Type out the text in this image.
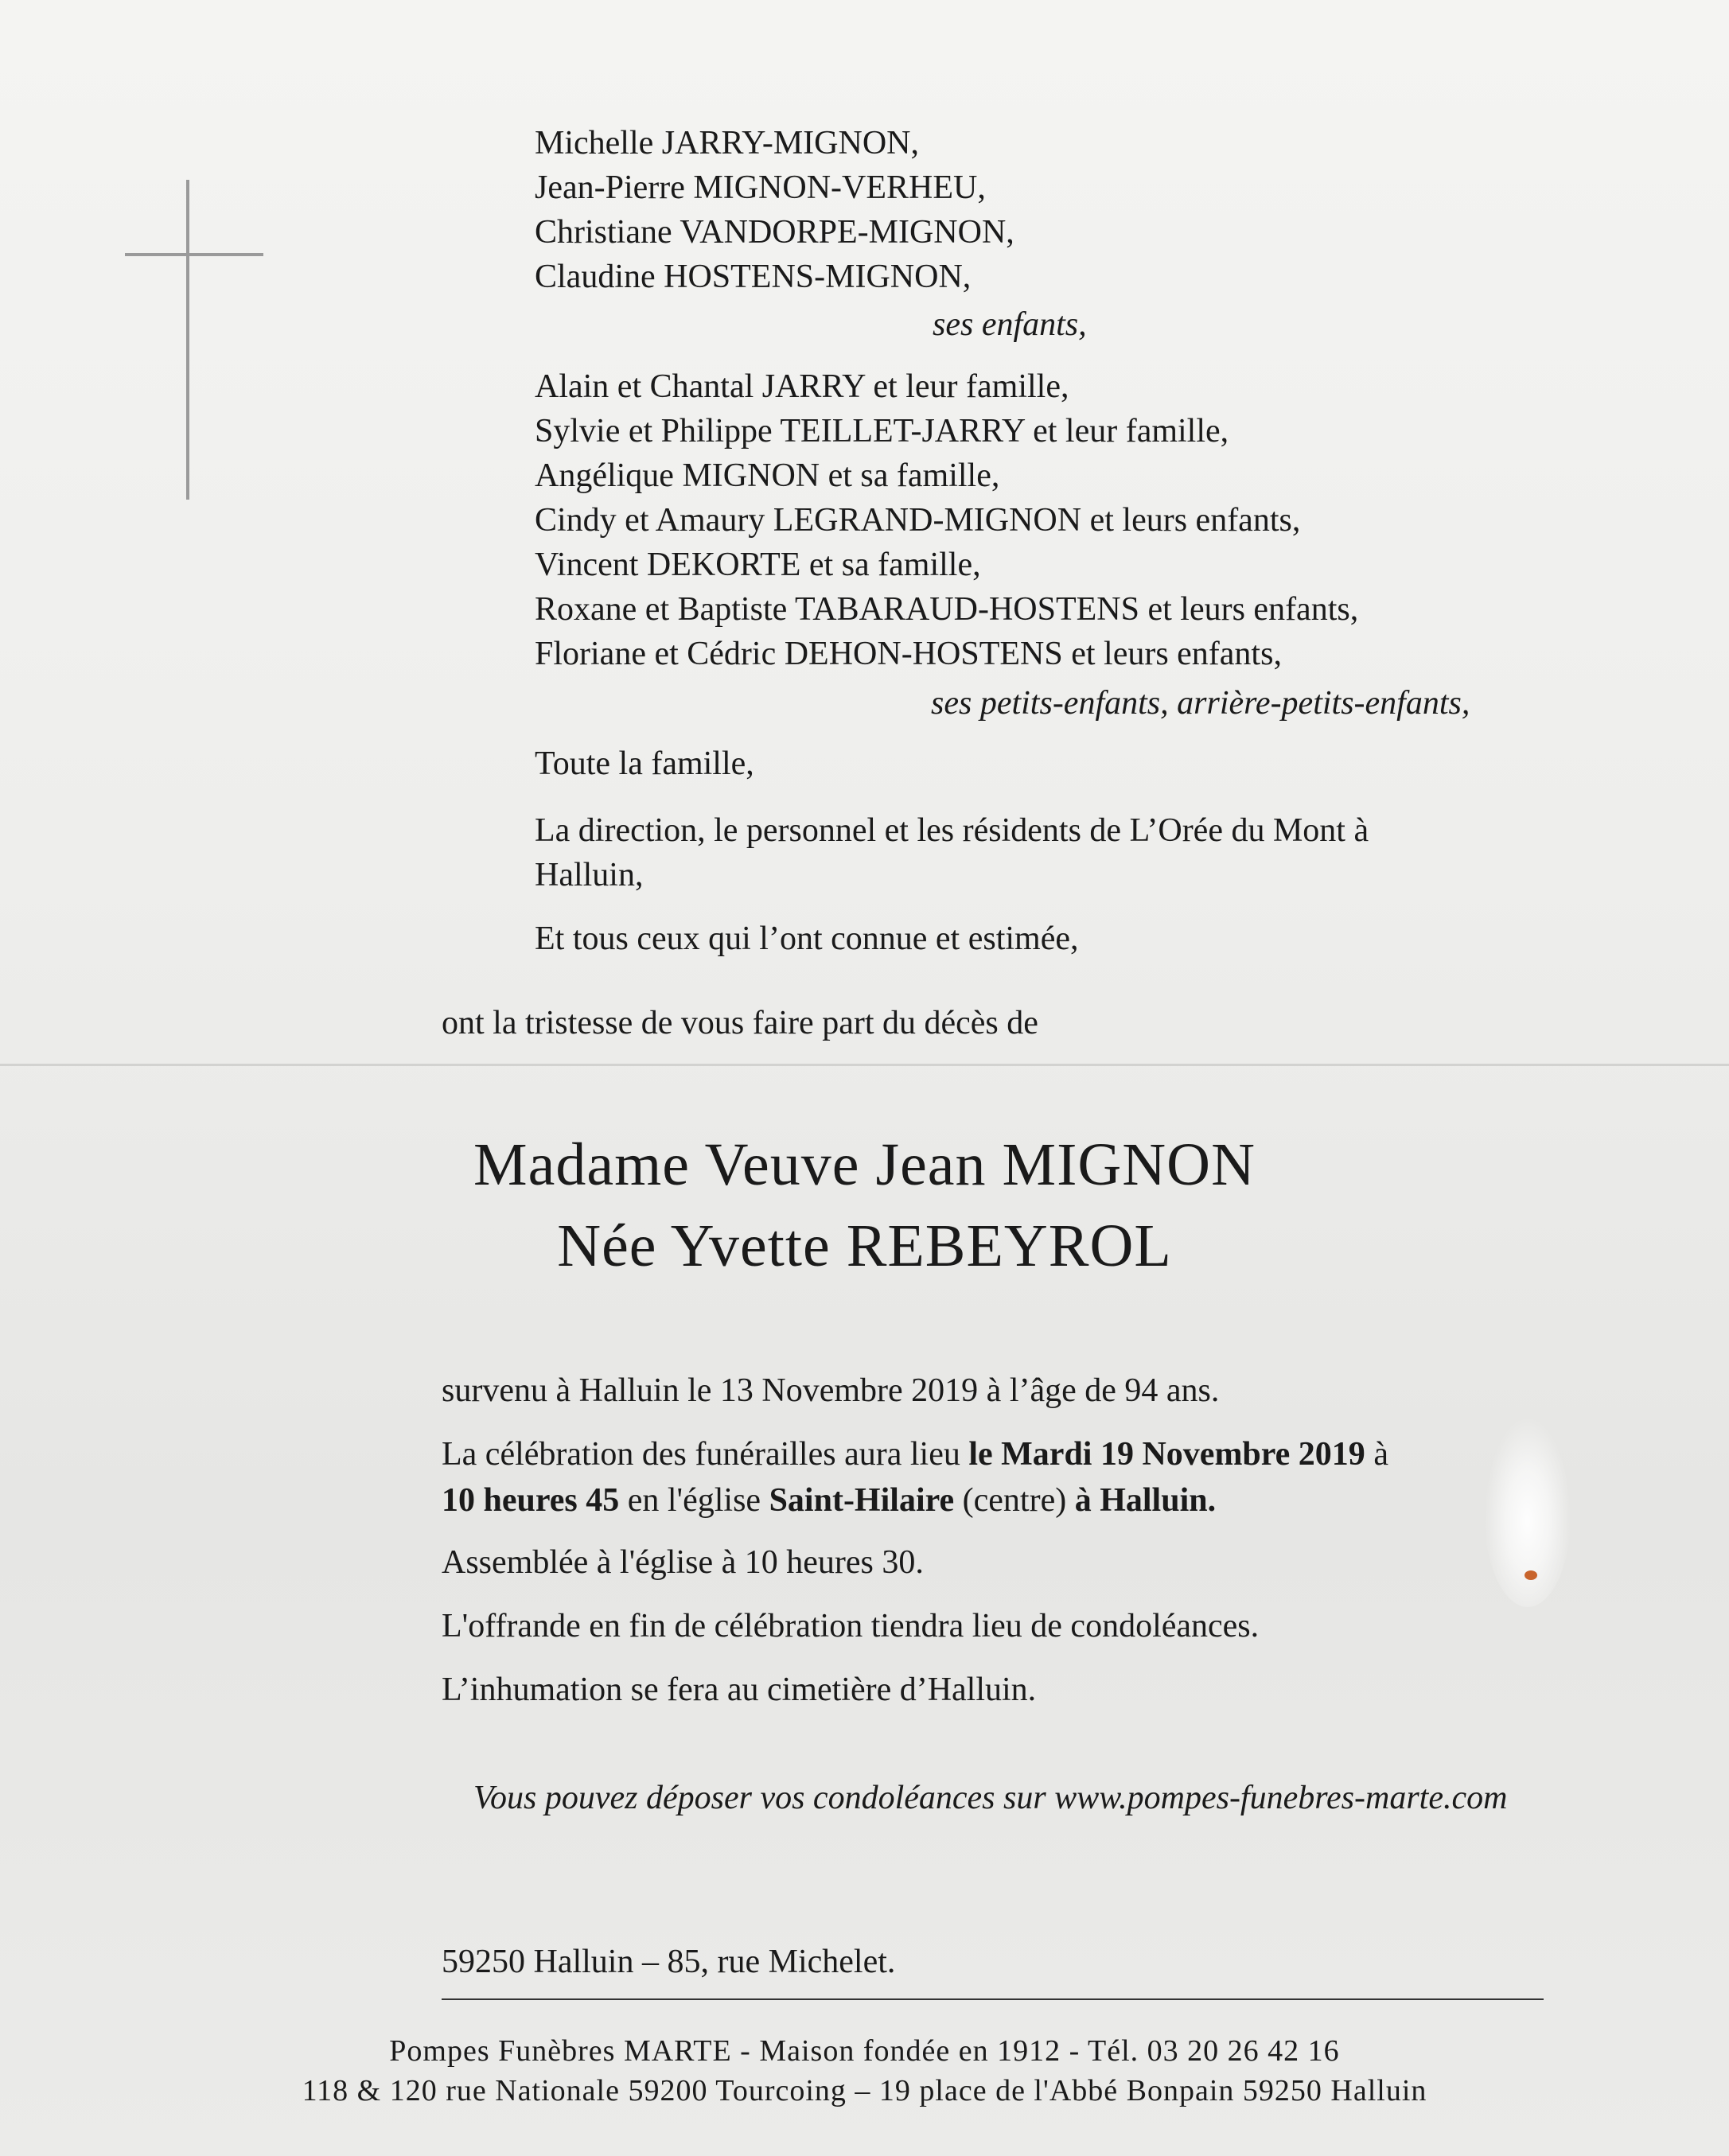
Michelle JARRY-MIGNON,

Jean-Pierre MIGNON-VERHEU,

Christiane VANDORPE-MIGNON,

Claudine HOSTENS-MIGNON,

ses enfants,

Alain et Chantal JARRY et leur famille,

Sylvie et Philippe TEILLET-JARRY et leur famille,

Angélique MIGNON et sa famille,

Cindy et Amaury LEGRAND-MIGNON et leurs enfants,

Vincent DEKORTE et sa famille,

Roxane et Baptiste TABARAUD-HOSTENS et leurs enfants,

Floriane et Cédric DEHON-HOSTENS et leurs enfants,

ses petits-enfants, arrière-petits-enfants,

Toute la famille,

La direction, le personnel et les résidents de L’Orée du Mont à

Halluin,

Et tous ceux qui l’ont connue et estimée,

ont la tristesse de vous faire part du décès de

Madame Veuve Jean MIGNON

Née Yvette REBEYROL

survenu à Halluin le 13 Novembre 2019 à l’âge de 94 ans.

La célébration des funérailles aura lieu le Mardi 19 Novembre 2019 à

10 heures 45 en l'église Saint-Hilaire (centre) à Halluin.

Assemblée à l'église à 10 heures 30.

L'offrande en fin de célébration tiendra lieu de condoléances.

L’inhumation se fera au cimetière d’Halluin.

Vous pouvez déposer vos condoléances sur www.pompes-funebres-marte.com

59250 Halluin – 85, rue Michelet.

Pompes Funèbres MARTE - Maison fondée en 1912 - Tél. 03 20 26 42 16

118 & 120 rue Nationale 59200 Tourcoing – 19 place de l'Abbé Bonpain 59250 Halluin
